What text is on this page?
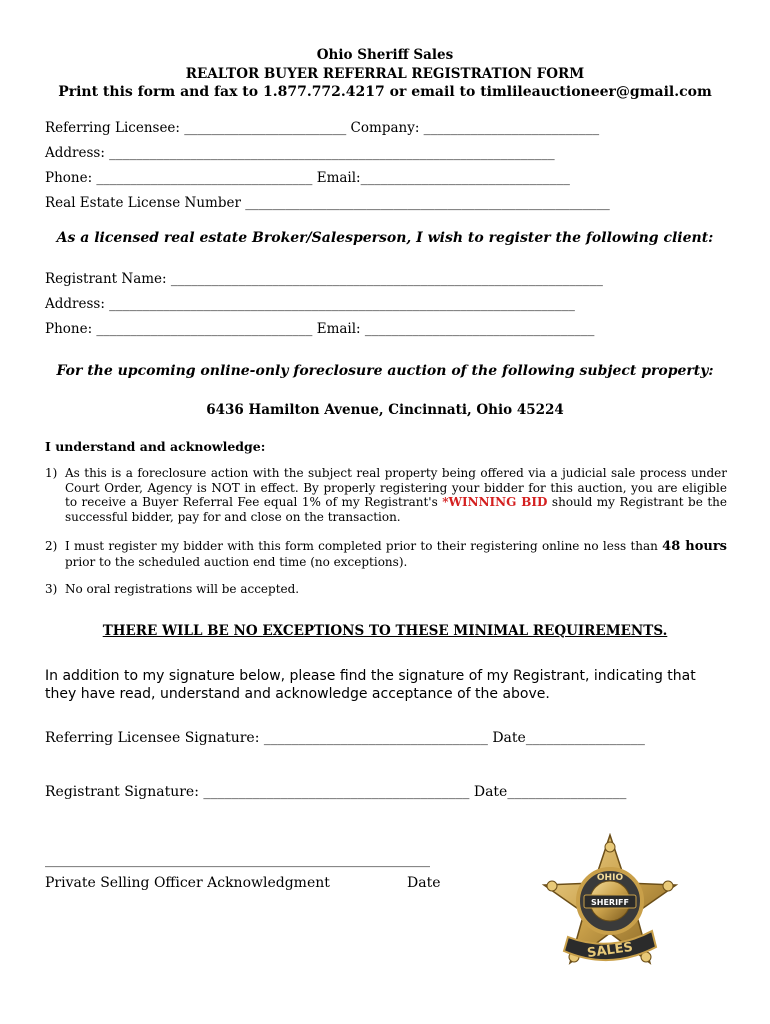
Ohio Sheriff Sales
REALTOR BUYER REFERRAL REGISTRATION FORM
Print this form and fax to 1.877.772.4217 or email to timlileauctioneer@gmail.com
Referring Licensee: ________________________ Company: __________________________
Address: __________________________________________________________________
Phone: ________________________________ Email:_______________________________
Real Estate License Number ______________________________________________________
As a licensed real estate Broker/Salesperson, I wish to register the following client:
Registrant Name: ________________________________________________________________
Address: _____________________________________________________________________
Phone: ________________________________ Email: __________________________________
For the upcoming online-only foreclosure auction of the following subject property:
6436 Hamilton Avenue, Cincinnati, Ohio 45224
I understand and acknowledge:
1) As this is a foreclosure action with the subject real property being offered via a judicial sale process under Court Order, Agency is NOT in effect. By properly registering your bidder for this auction, you are eligible to receive a Buyer Referral Fee equal 1% of my Registrant's *WINNING BID should my Registrant be the successful bidder, pay for and close on the transaction.
2) I must register my bidder with this form completed prior to their registering online no less than 48 hours prior to the scheduled auction end time (no exceptions).
3) No oral registrations will be accepted.
THERE WILL BE NO EXCEPTIONS TO THESE MINIMAL REQUIREMENTS.
In addition to my signature below, please find the signature of my Registrant, indicating that they have read, understand and acknowledge acceptance of the above.
Referring Licensee Signature: ________________________________ Date_________________
Registrant Signature: ______________________________________ Date_________________
_______________________________________________________
Private Selling Officer Acknowledgment	Date	OHIO
SHERIFF
SALES
